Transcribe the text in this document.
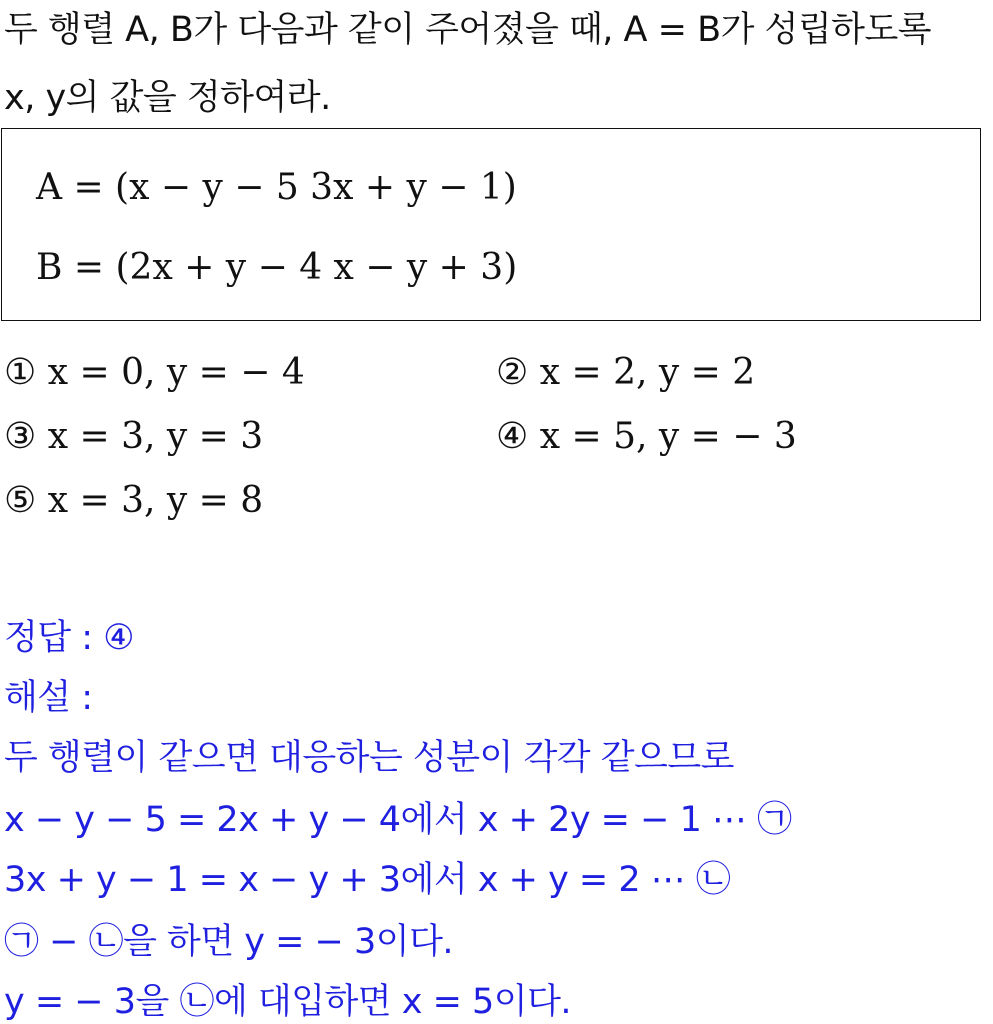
두 행렬 A, B가 다음과 같이 주어졌을 때, A = B가 성립하도록
x, y의 값을 정하여라.
A = (x − y − 5 3x + y − 1)
B = (2x + y − 4 x − y + 3)
① x = 0, y = − 4	② x = 2, y = 2
③ x = 3, y = 3	④ x = 5, y = − 3
⑤ x = 3, y = 8
정답 : ④
해설 :
두 행렬이 같으면 대응하는 성분이 각각 같으므로
x − y − 5 = 2x + y − 4에서 x + 2y = − 1 ⋯ ㉠
3x + y − 1 = x − y + 3에서 x + y = 2 ⋯ ㉡
㉠ − ㉡을 하면 y = − 3이다.
y = − 3을 ㉡에 대입하면 x = 5이다.
